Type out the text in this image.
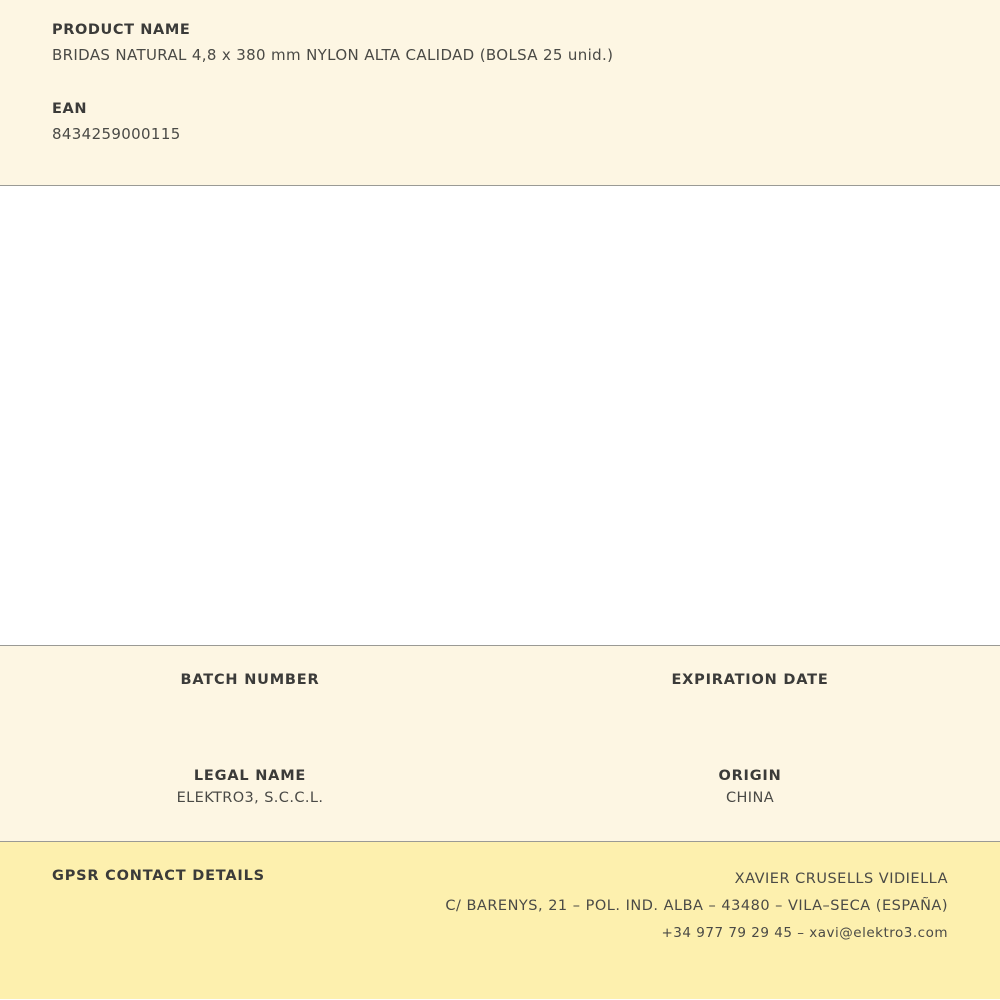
PRODUCT NAME
BRIDAS NATURAL 4,8 x 380 mm NYLON ALTA CALIDAD (BOLSA 25 unid.)
EAN
8434259000115
BATCH NUMBER	EXPIRATION DATE
LEGAL NAME
ELEKTRO3, S.C.C.L.
ORIGIN
CHINA
GPSR CONTACT DETAILS	XAVIER CRUSELLS VIDIELLA
C/ BARENYS, 21 – POL. IND. ALBA – 43480 – VILA–SECA (ESPAÑA)
+34 977 79 29 45 – xavi@elektro3.com
